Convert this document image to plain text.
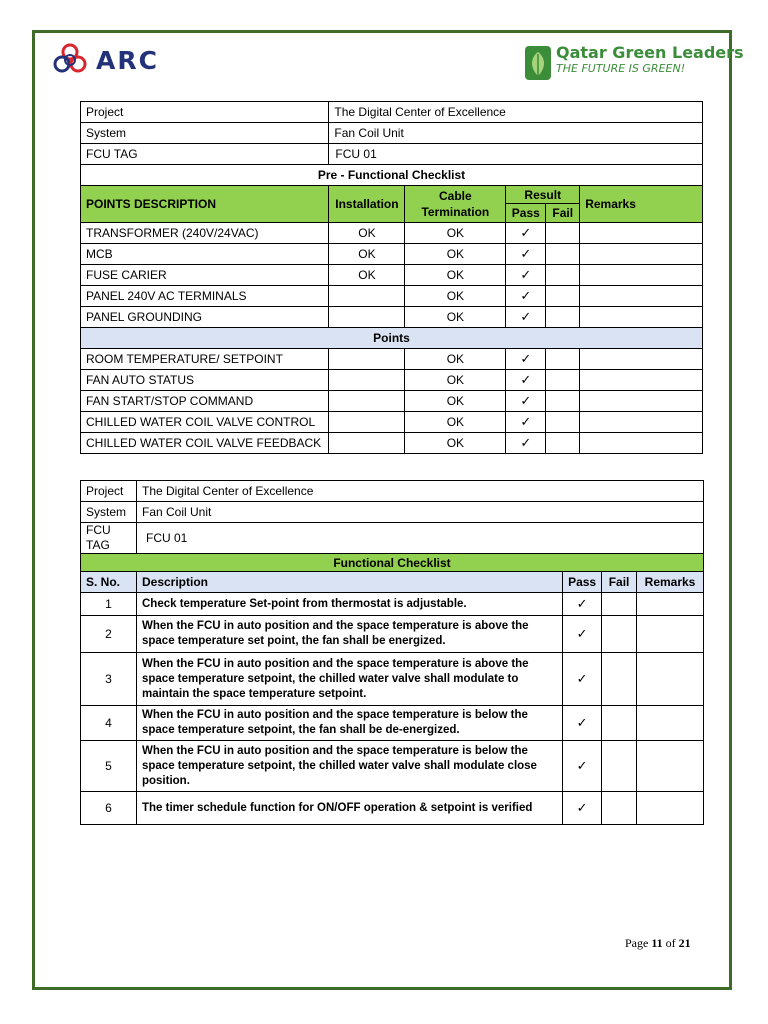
ARC	Qatar Green Leaders
THE FUTURE IS GREEN!
Project	The Digital Center of Excellence				
System	Fan Coil Unit				
FCU TAG	FCU 01				
Pre - Functional Checklist					
POINTS DESCRIPTION	Installation	Cable Termination	Result		Remarks
			Pass	Fail	
TRANSFORMER (240V/24VAC)	OK	OK	✓		
MCB	OK	OK	✓		
FUSE CARIER	OK	OK	✓		
PANEL 240V AC TERMINALS		OK	✓		
PANEL GROUNDING		OK	✓		
Points					
ROOM TEMPERATURE/ SETPOINT		OK	✓		
FAN AUTO STATUS		OK	✓		
FAN START/STOP COMMAND		OK	✓		
CHILLED WATER COIL VALVE CONTROL		OK	✓		
CHILLED WATER COIL VALVE FEEDBACK		OK	✓		
Project	The Digital Center of Excellence			
System	Fan Coil Unit			
FCU TAG	FCU 01			
Functional Checklist				
S. No.	Description	Pass	Fail	Remarks
1	Check temperature Set-point from thermostat is adjustable.	✓		
2	When the FCU in auto position and the space temperature is above the space temperature set point, the fan shall be energized.	✓		
3	When the FCU in auto position and the space temperature is above the space temperature setpoint, the chilled water valve shall modulate to maintain the space temperature setpoint.	✓		
4	When the FCU in auto position and the space temperature is below the space temperature setpoint, the fan shall be de-energized.	✓		
5	When the FCU in auto position and the space temperature is below the space temperature setpoint, the chilled water valve shall modulate close position.	✓		
6	The timer schedule function for ON/OFF operation & setpoint is verified	✓		
Page 11 of 21
